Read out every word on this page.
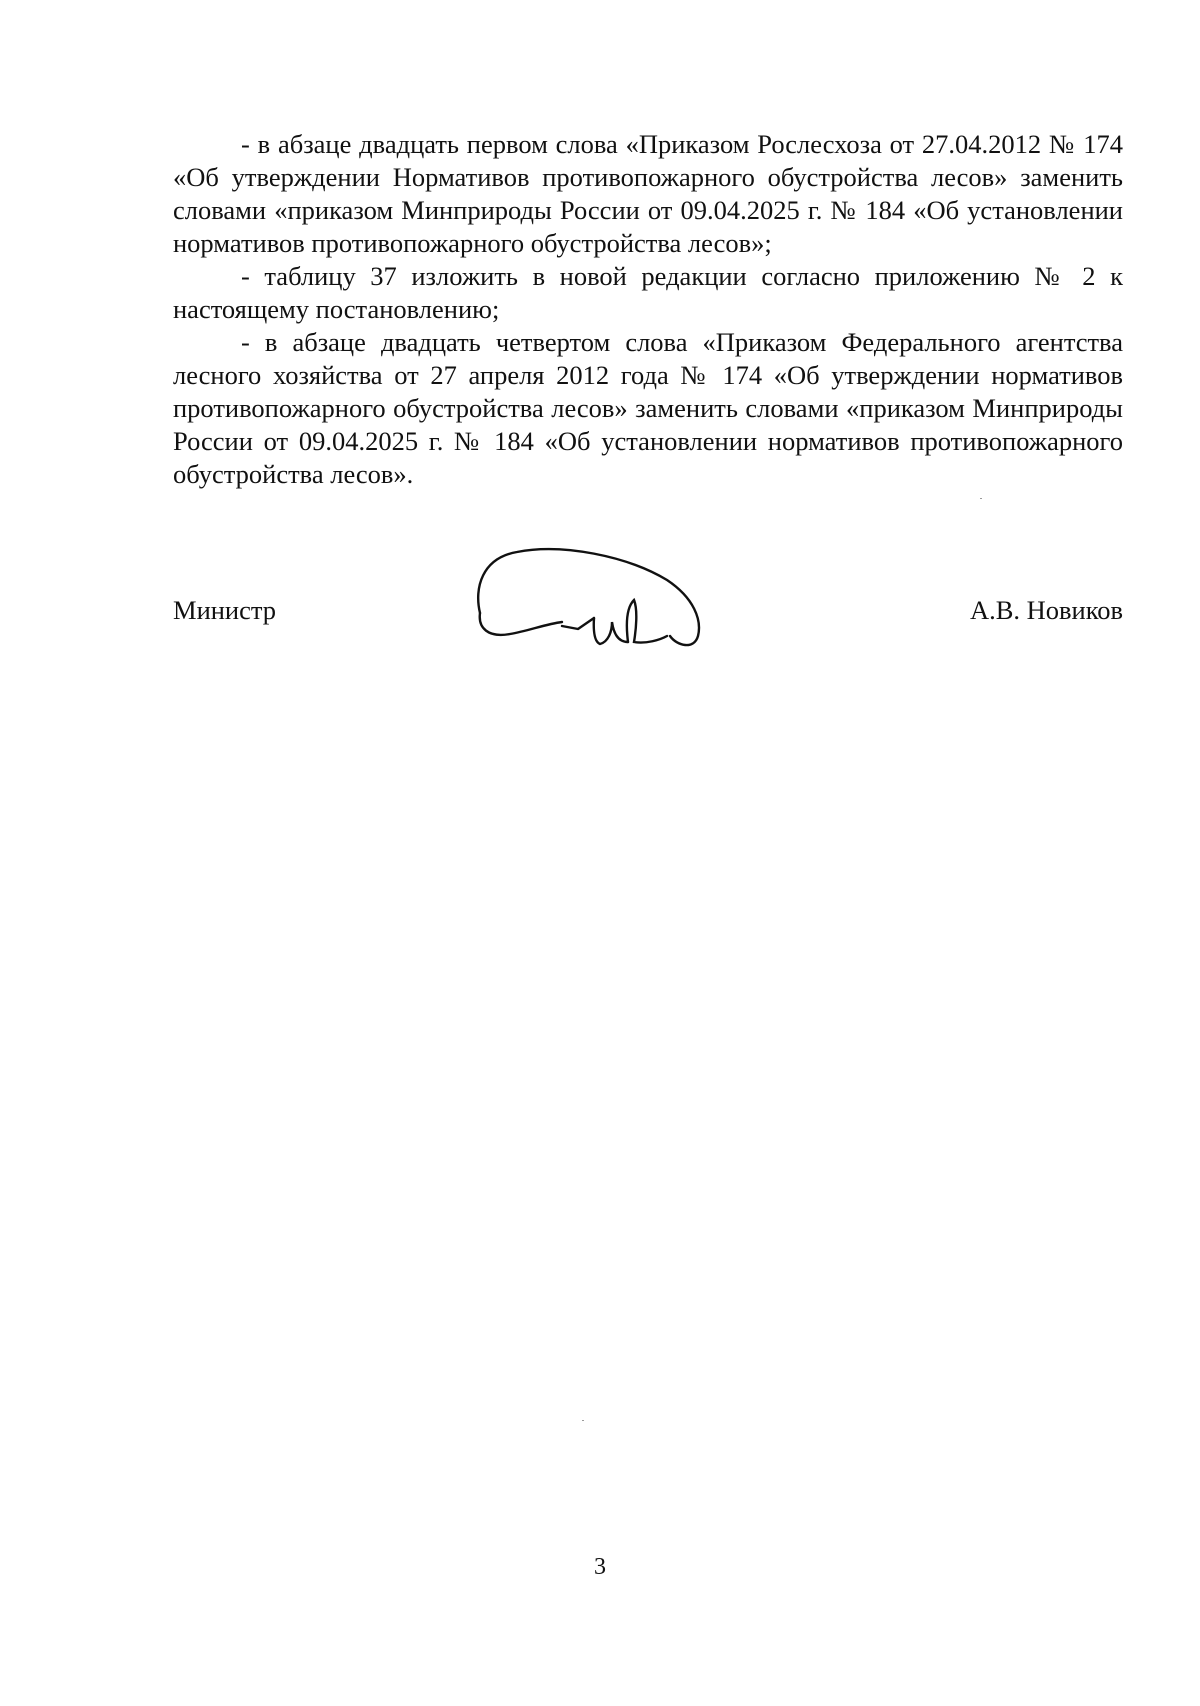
- в абзаце двадцать первом слова «Приказом Рослесхоза от 27.04.2012 № 174 «Об утверждении Нормативов противопожарного обустройства лесов» заменить словами «приказом Минприроды России от 09.04.2025 г. № 184 «Об установлении нормативов противопожарного обустройства лесов»;

- таблицу 37 изложить в новой редакции согласно приложению № 2 к настоящему постановлению;

- в абзаце двадцать четвертом слова «Приказом Федерального агентства лесного хозяйства от 27 апреля 2012 года № 174 «Об утверждении нормативов противопожарного обустройства лесов» заменить словами «приказом Минприроды России от 09.04.2025 г. № 184 «Об установлении нормативов противопожарного обустройства лесов».

Министр	А.В. Новиков
3
